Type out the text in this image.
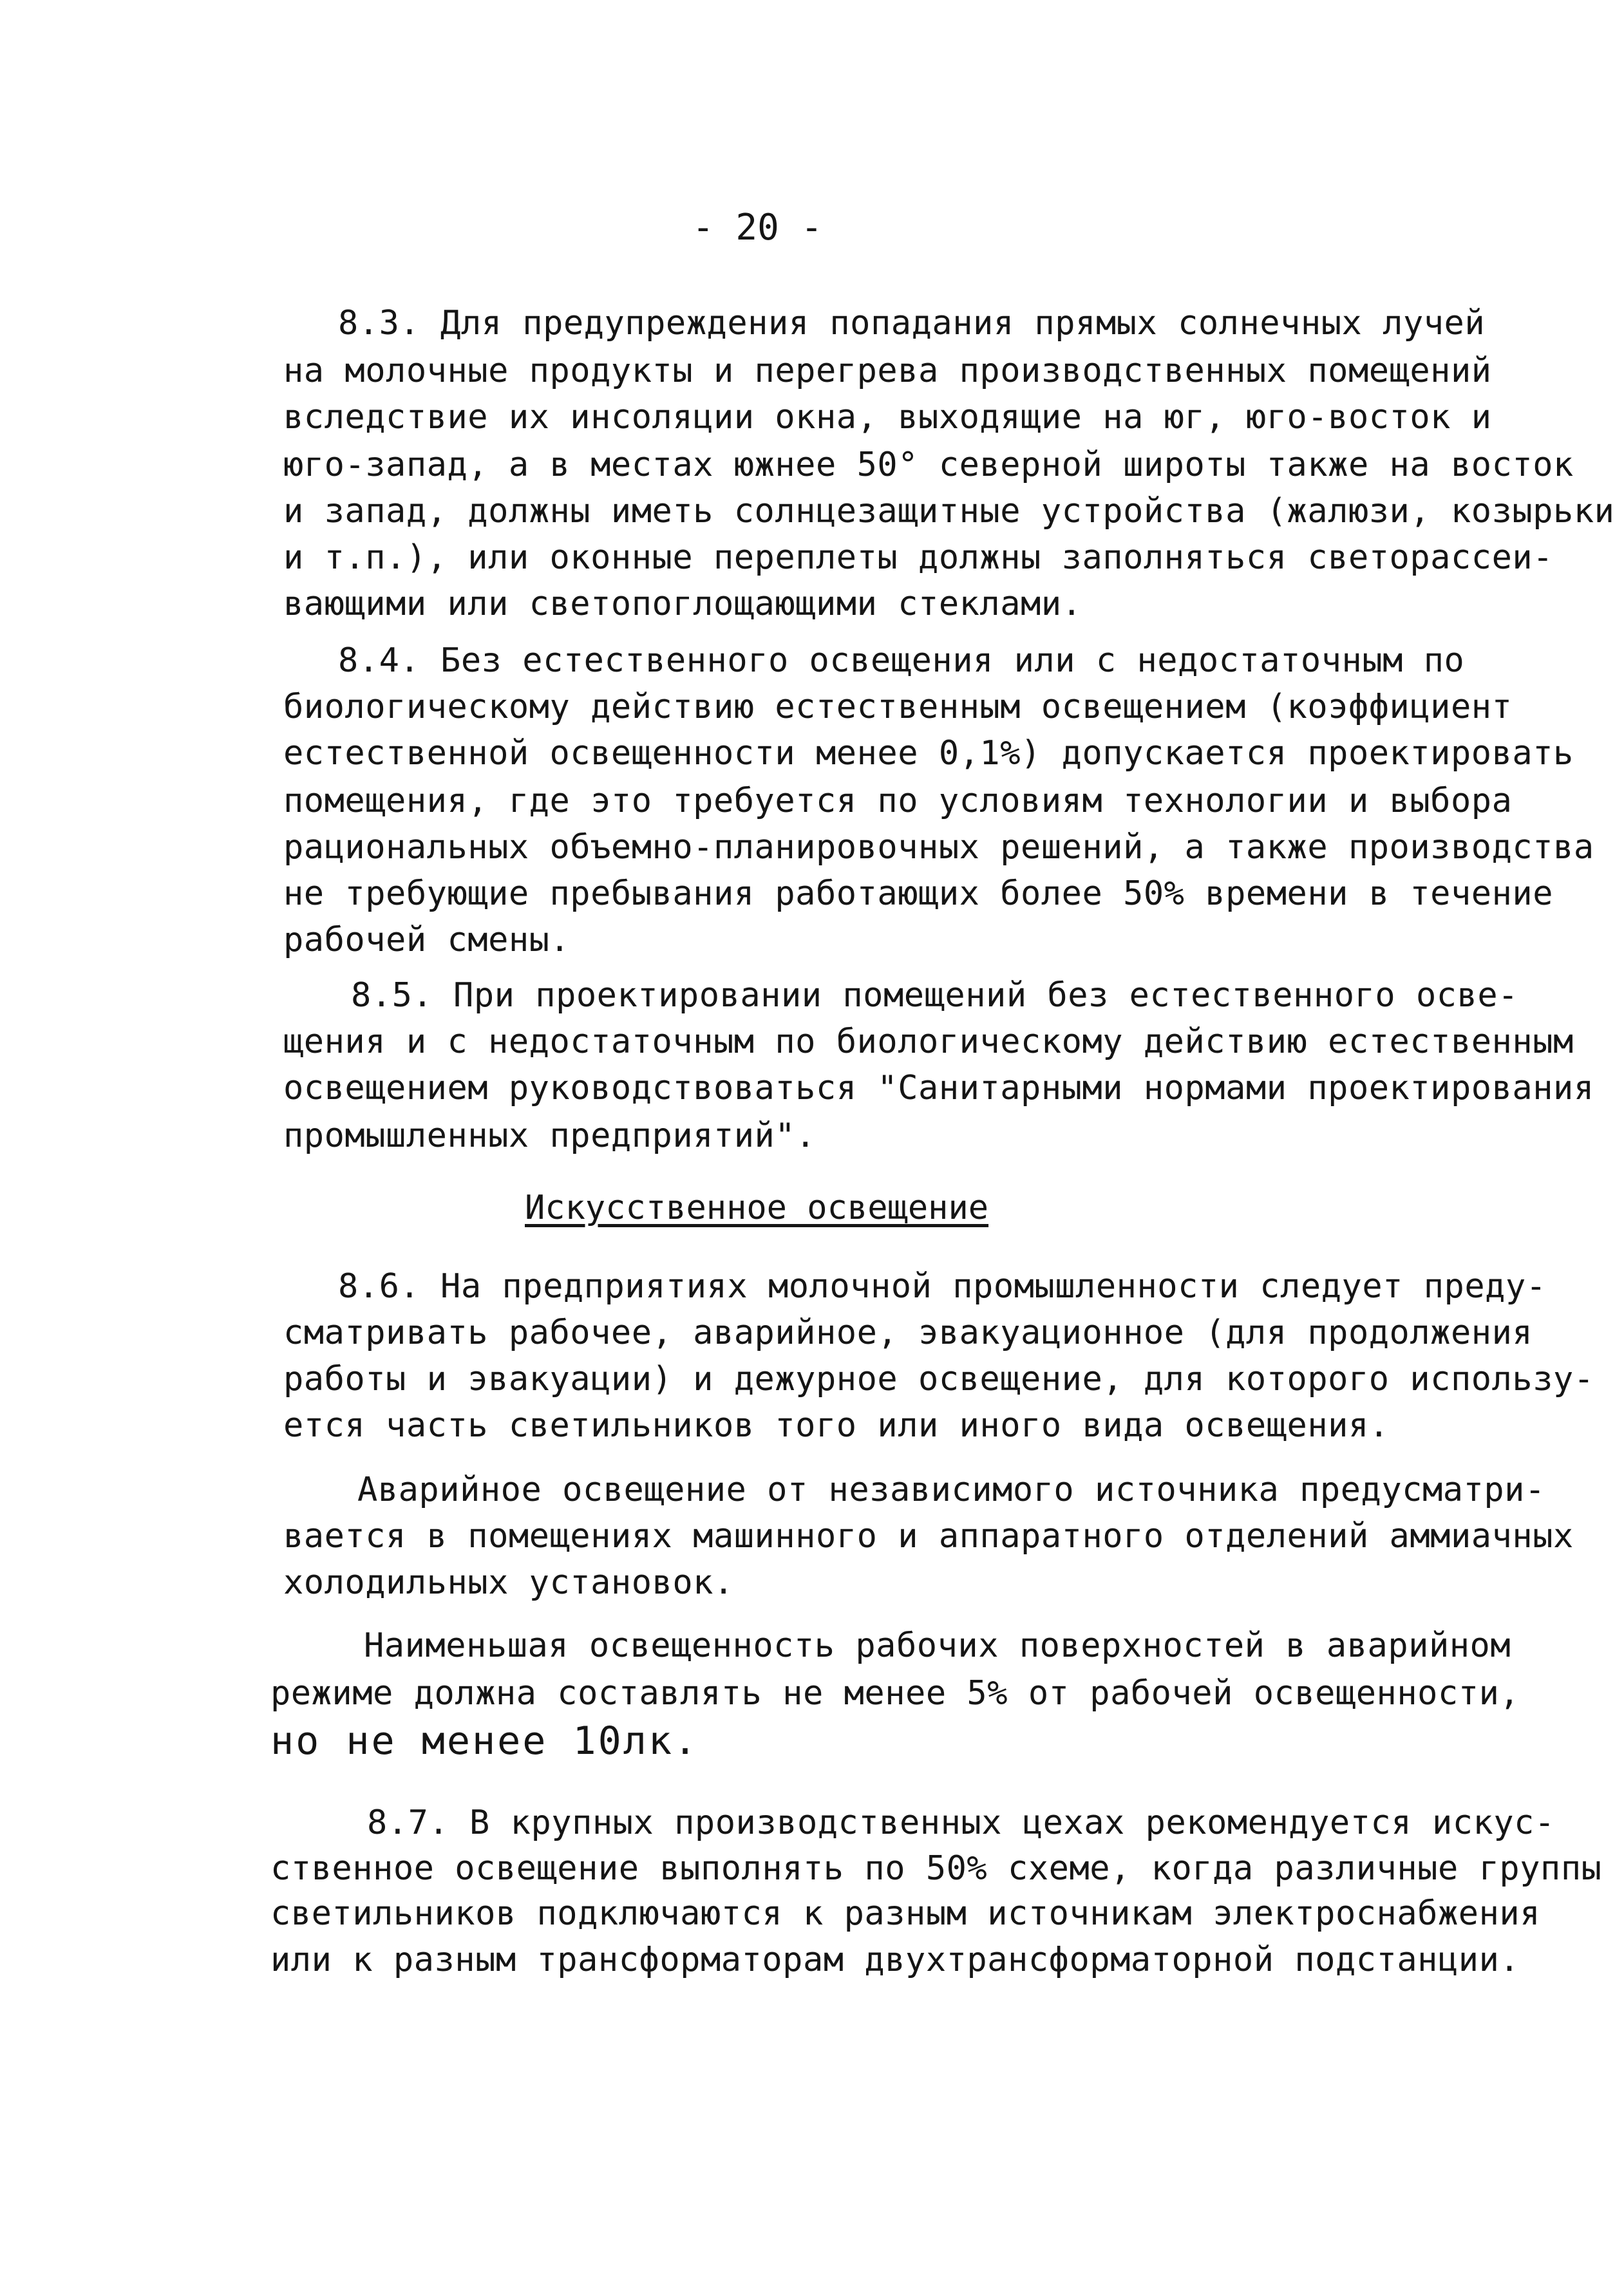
- 20 -
8.3. Для предупреждения попадания прямых солнечных лучей
на молочные продукты и перегрева производственных помещений
вследствие их инсоляции окна, выходящие на юг, юго-восток и
юго-запад, а в местах южнее 50° северной широты также на восток
и запад, должны иметь солнцезащитные устройства (жалюзи, козырьки
и т.п.), или оконные переплеты должны заполняться светорассеи-
вающими или светопоглощающими стеклами.
8.4. Без естественного освещения или с недостаточным по
биологическому действию естественным освещением (коэффициент
естественной освещенности менее 0,1%) допускается проектировать
помещения, где это требуется по условиям технологии и выбора
рациональных объемно-планировочных решений, а также производства
не требующие пребывания работающих более 50% времени в течение
рабочей смены.
8.5. При проектировании помещений без естественного осве-
щения и с недостаточным по биологическому действию естественным
освещением руководствоваться "Санитарными нормами проектирования
промышленных предприятий".
Искусственное освещение
8.6. На предприятиях молочной промышленности следует преду-
сматривать рабочее, аварийное, эвакуационное (для продолжения
работы и эвакуации) и дежурное освещение, для которого использу-
ется часть светильников того или иного вида освещения.
Аварийное освещение от независимого источника предусматри-
вается в помещениях машинного и аппаратного отделений аммиачных
холодильных установок.
Наименьшая освещенность рабочих поверхностей в аварийном
режиме должна составлять не менее 5% от рабочей освещенности,
но не менее 10лк.
8.7. В крупных производственных цехах рекомендуется искус-
ственное освещение выполнять по 50% схеме, когда различные группы
светильников подключаются к разным источникам электроснабжения
или к разным трансформаторам двухтрансформаторной подстанции.
